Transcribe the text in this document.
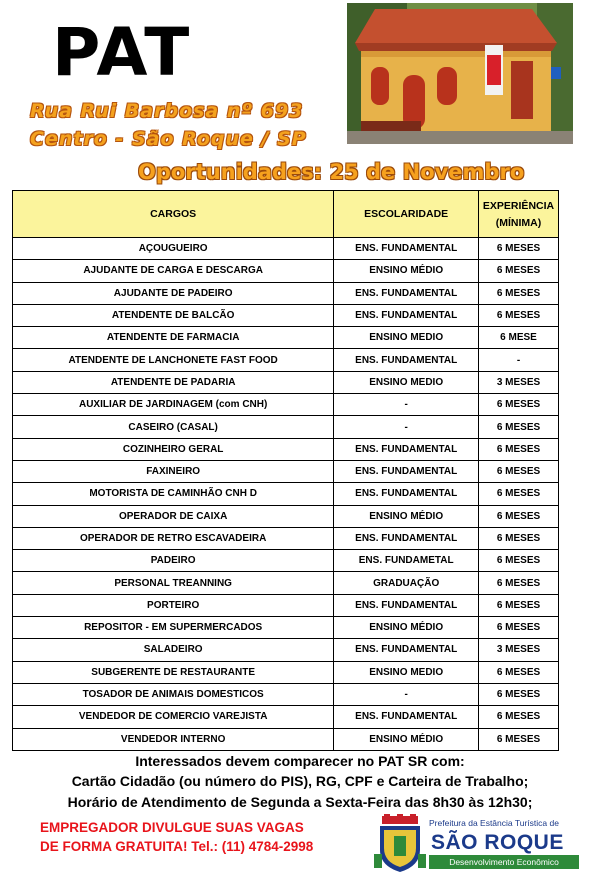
PAT
Rua Rui Barbosa nº 693
Centro - São Roque / SP
Oportunidades: 25 de Novembro
CARGOS	ESCOLARIDADE	EXPERIÊNCIA
(MÍNIMA)

AÇOUGUEIRO	ENS. FUNDAMENTAL	6 MESES
AJUDANTE DE CARGA E DESCARGA	ENSINO MÉDIO	6 MESES
AJUDANTE DE PADEIRO	ENS. FUNDAMENTAL	6 MESES
ATENDENTE DE BALCÃO	ENS. FUNDAMENTAL	6 MESES
ATENDENTE DE FARMACIA	ENSINO MEDIO	6 MESE
ATENDENTE DE LANCHONETE FAST FOOD	ENS. FUNDAMENTAL	-
ATENDENTE DE PADARIA	ENSINO MEDIO	3 MESES
AUXILIAR DE JARDINAGEM (com CNH)	-	6 MESES
CASEIRO (CASAL)	-	6 MESES
COZINHEIRO GERAL	ENS. FUNDAMENTAL	6 MESES
FAXINEIRO	ENS. FUNDAMENTAL	6 MESES
MOTORISTA DE CAMINHÃO CNH D	ENS. FUNDAMENTAL	6 MESES
OPERADOR DE CAIXA	ENSINO MÉDIO	6 MESES
OPERADOR DE RETRO ESCAVADEIRA	ENS. FUNDAMENTAL	6 MESES
PADEIRO	ENS. FUNDAMETAL	6 MESES
PERSONAL TREANNING	GRADUAÇÃO	6 MESES
PORTEIRO	ENS. FUNDAMENTAL	6 MESES
REPOSITOR - EM SUPERMERCADOS	ENSINO MÉDIO	6 MESES
SALADEIRO	ENS. FUNDAMENTAL	3 MESES
SUBGERENTE DE RESTAURANTE	ENSINO MEDIO	6 MESES
TOSADOR DE ANIMAIS DOMESTICOS	-	6 MESES
VENDEDOR DE COMERCIO VAREJISTA	ENS. FUNDAMENTAL	6 MESES
VENDEDOR INTERNO	ENSINO MÉDIO	6 MESES
Interessados devem comparecer no PAT SR com:
Cartão Cidadão (ou número do PIS), RG, CPF e Carteira de Trabalho;
Horário de Atendimento de Segunda a Sexta-Feira das 8h30 às 12h30;
EMPREGADOR DIVULGUE SUAS VAGAS
DE FORMA GRATUITA! Tel.: (11) 4784-2998
Prefeitura da Estância Turística de
SÃO ROQUE
Desenvolvimento Econômico
